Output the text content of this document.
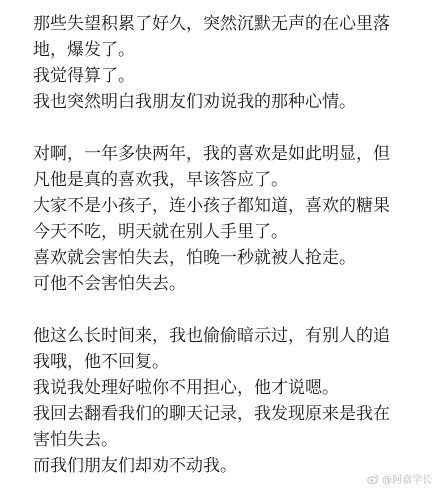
那些失望积累了好久，突然沉默无声的在心里落
地，爆发了。
我觉得算了。
我也突然明白我朋友们劝说我的那种心情。
对啊，一年多快两年，我的喜欢是如此明显，但
凡他是真的喜欢我，早该答应了。
大家不是小孩子，连小孩子都知道，喜欢的糖果
今天不吃，明天就在别人手里了。
喜欢就会害怕失去，怕晚一秒就被人抢走。
可他不会害怕失去。
他这么长时间来，我也偷偷暗示过，有别人的追
我哦，他不回复。
我说我处理好啦你不用担心，他才说嗯。
我回去翻看我们的聊天记录，我发现原来是我在
害怕失去。
而我们朋友们却劝不动我。
@阿嘉学长
